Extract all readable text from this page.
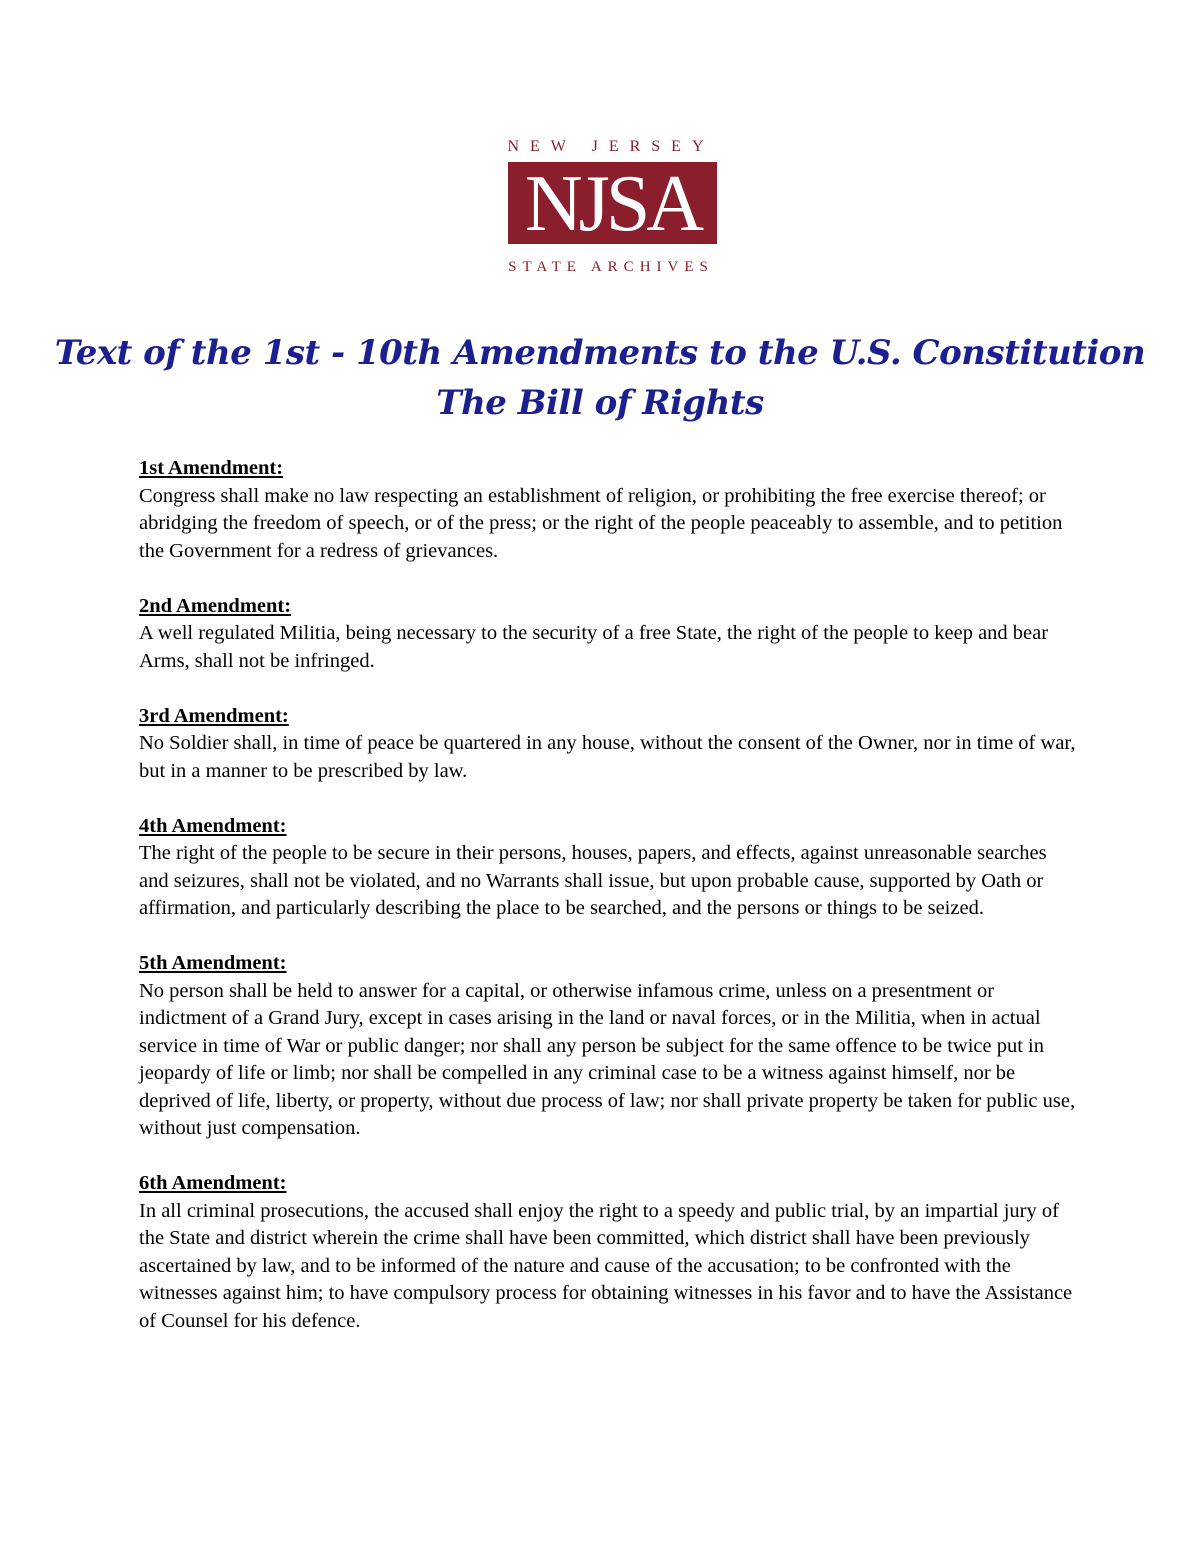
NEW JERSEY
NJSA
STATE ARCHIVES
Text of the 1st - 10th Amendments to the U.S. Constitution
The Bill of Rights
1st Amendment:
Congress shall make no law respecting an establishment of religion, or prohibiting the free exercise thereof; or abridging the freedom of speech, or of the press; or the right of the people peaceably to assemble, and to petition the Government for a redress of grievances.
2nd Amendment:
A well regulated Militia, being necessary to the security of a free State, the right of the people to keep and bear Arms, shall not be infringed.
3rd Amendment:
No Soldier shall, in time of peace be quartered in any house, without the consent of the Owner, nor in time of war, but in a manner to be prescribed by law.
4th Amendment:
The right of the people to be secure in their persons, houses, papers, and effects, against unreasonable searches and seizures, shall not be violated, and no Warrants shall issue, but upon probable cause, supported by Oath or affirmation, and particularly describing the place to be searched, and the persons or things to be seized.
5th Amendment:
No person shall be held to answer for a capital, or otherwise infamous crime, unless on a presentment or indictment of a Grand Jury, except in cases arising in the land or naval forces, or in the Militia, when in actual service in time of War or public danger; nor shall any person be subject for the same offence to be twice put in jeopardy of life or limb; nor shall be compelled in any criminal case to be a witness against himself, nor be deprived of life, liberty, or property, without due process of law; nor shall private property be taken for public use, without just compensation.
6th Amendment:
In all criminal prosecutions, the accused shall enjoy the right to a speedy and public trial, by an impartial jury of the State and district wherein the crime shall have been committed, which district shall have been previously ascertained by law, and to be informed of the nature and cause of the accusation; to be confronted with the witnesses against him; to have compulsory process for obtaining witnesses in his favor and to have the Assistance of Counsel for his defence.
